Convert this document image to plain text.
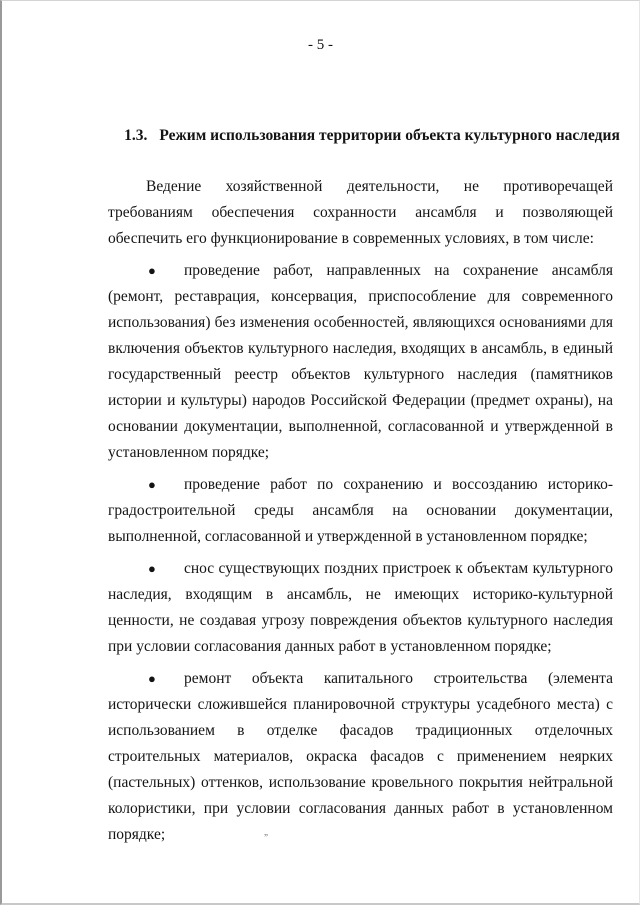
- 5 -
1.3. Режим использования территории объекта культурного наследия

Ведение хозяйственной деятельности, не противоречащей требованиям обеспечения сохранности ансамбля и позволяющей обеспечить его функционирование в современных условиях, в том числе:

● проведение работ, направленных на сохранение ансамбля (ремонт, реставрация, консервация, приспособление для современного использования) без изменения особенностей, являющихся основаниями для включения объектов культурного наследия, входящих в ансамбль, в единый государственный реестр объектов культурного наследия (памятников истории и культуры) народов Российской Федерации (предмет охраны), на основании документации, выполненной, согласованной и утвержденной в установленном порядке;

● проведение работ по сохранению и воссозданию историко-градостроительной среды ансамбля на основании документации, выполненной, согласованной и утвержденной в установленном порядке;

● снос существующих поздних пристроек к объектам культурного наследия, входящим в ансамбль, не имеющих историко-культурной ценности, не создавая угрозу повреждения объектов культурного наследия при условии согласования данных работ в установленном порядке;

● ремонт объекта капитального строительства (элемента исторически сложившейся планировочной структуры усадебного места) с использованием в отделке фасадов традиционных отделочных строительных материалов, окраска фасадов с применением неярких (пастельных) оттенков, использование кровельного покрытия нейтральной колористики, при условии согласования данных работ в установленном порядке;	„
